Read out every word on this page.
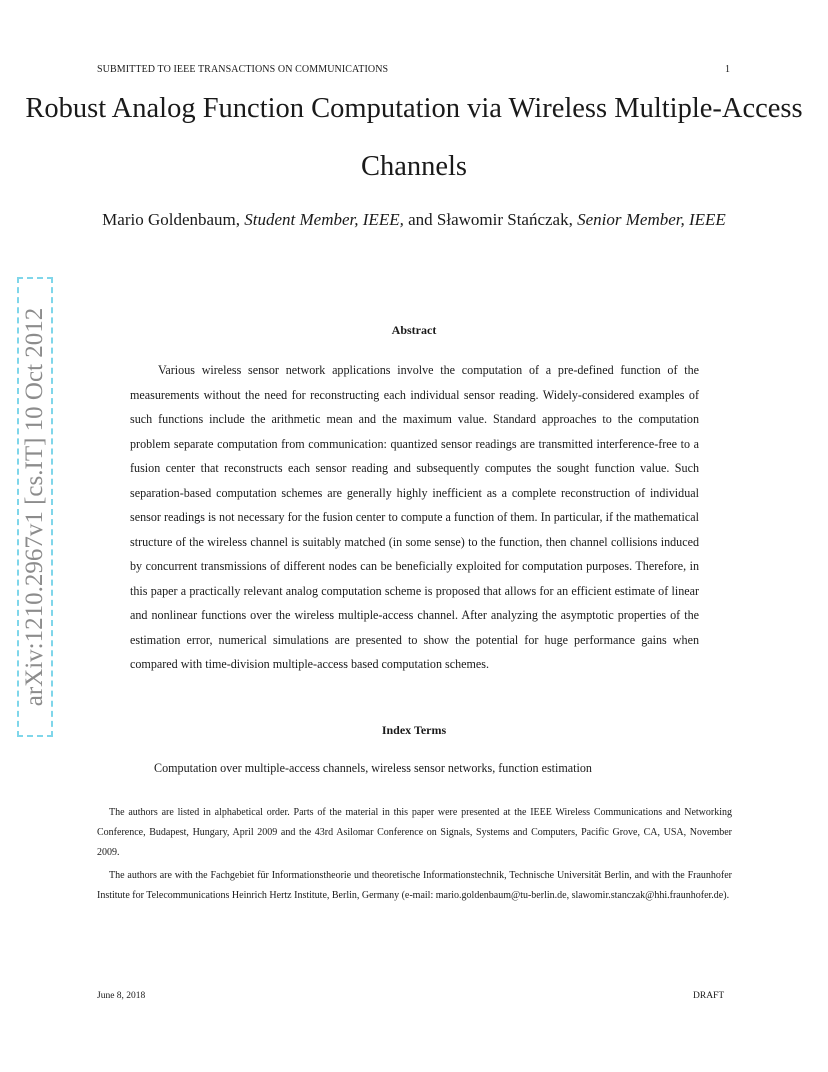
SUBMITTED TO IEEE TRANSACTIONS ON COMMUNICATIONS	1
arXiv:1210.2967v1 [cs.IT] 10 Oct 2012
Robust Analog Function Computation via Wireless Multiple-Access Channels
Mario Goldenbaum, Student Member, IEEE, and Sławomir Stańczak, Senior Member, IEEE
Abstract
Various wireless sensor network applications involve the computation of a pre-defined function of the measurements without the need for reconstructing each individual sensor reading. Widely-considered examples of such functions include the arithmetic mean and the maximum value. Standard approaches to the computation problem separate computation from communication: quantized sensor readings are transmitted interference-free to a fusion center that reconstructs each sensor reading and subsequently computes the sought function value. Such separation-based computation schemes are generally highly inefficient as a complete reconstruction of individual sensor readings is not necessary for the fusion center to compute a function of them. In particular, if the mathematical structure of the wireless channel is suitably matched (in some sense) to the function, then channel collisions induced by concurrent transmissions of different nodes can be beneficially exploited for computation purposes. Therefore, in this paper a practically relevant analog computation scheme is proposed that allows for an efficient estimate of linear and nonlinear functions over the wireless multiple-access channel. After analyzing the asymptotic properties of the estimation error, numerical simulations are presented to show the potential for huge performance gains when compared with time-division multiple-access based computation schemes.
Index Terms
Computation over multiple-access channels, wireless sensor networks, function estimation
The authors are listed in alphabetical order. Parts of the material in this paper were presented at the IEEE Wireless Communications and Networking Conference, Budapest, Hungary, April 2009 and the 43rd Asilomar Conference on Signals, Systems and Computers, Pacific Grove, CA, USA, November 2009.
The authors are with the Fachgebiet für Informationstheorie und theoretische Informationstechnik, Technische Universität Berlin, and with the Fraunhofer Institute for Telecommunications Heinrich Hertz Institute, Berlin, Germany (e-mail: mario.goldenbaum@tu-berlin.de, slawomir.stanczak@hhi.fraunhofer.de).
June 8, 2018	DRAFT
